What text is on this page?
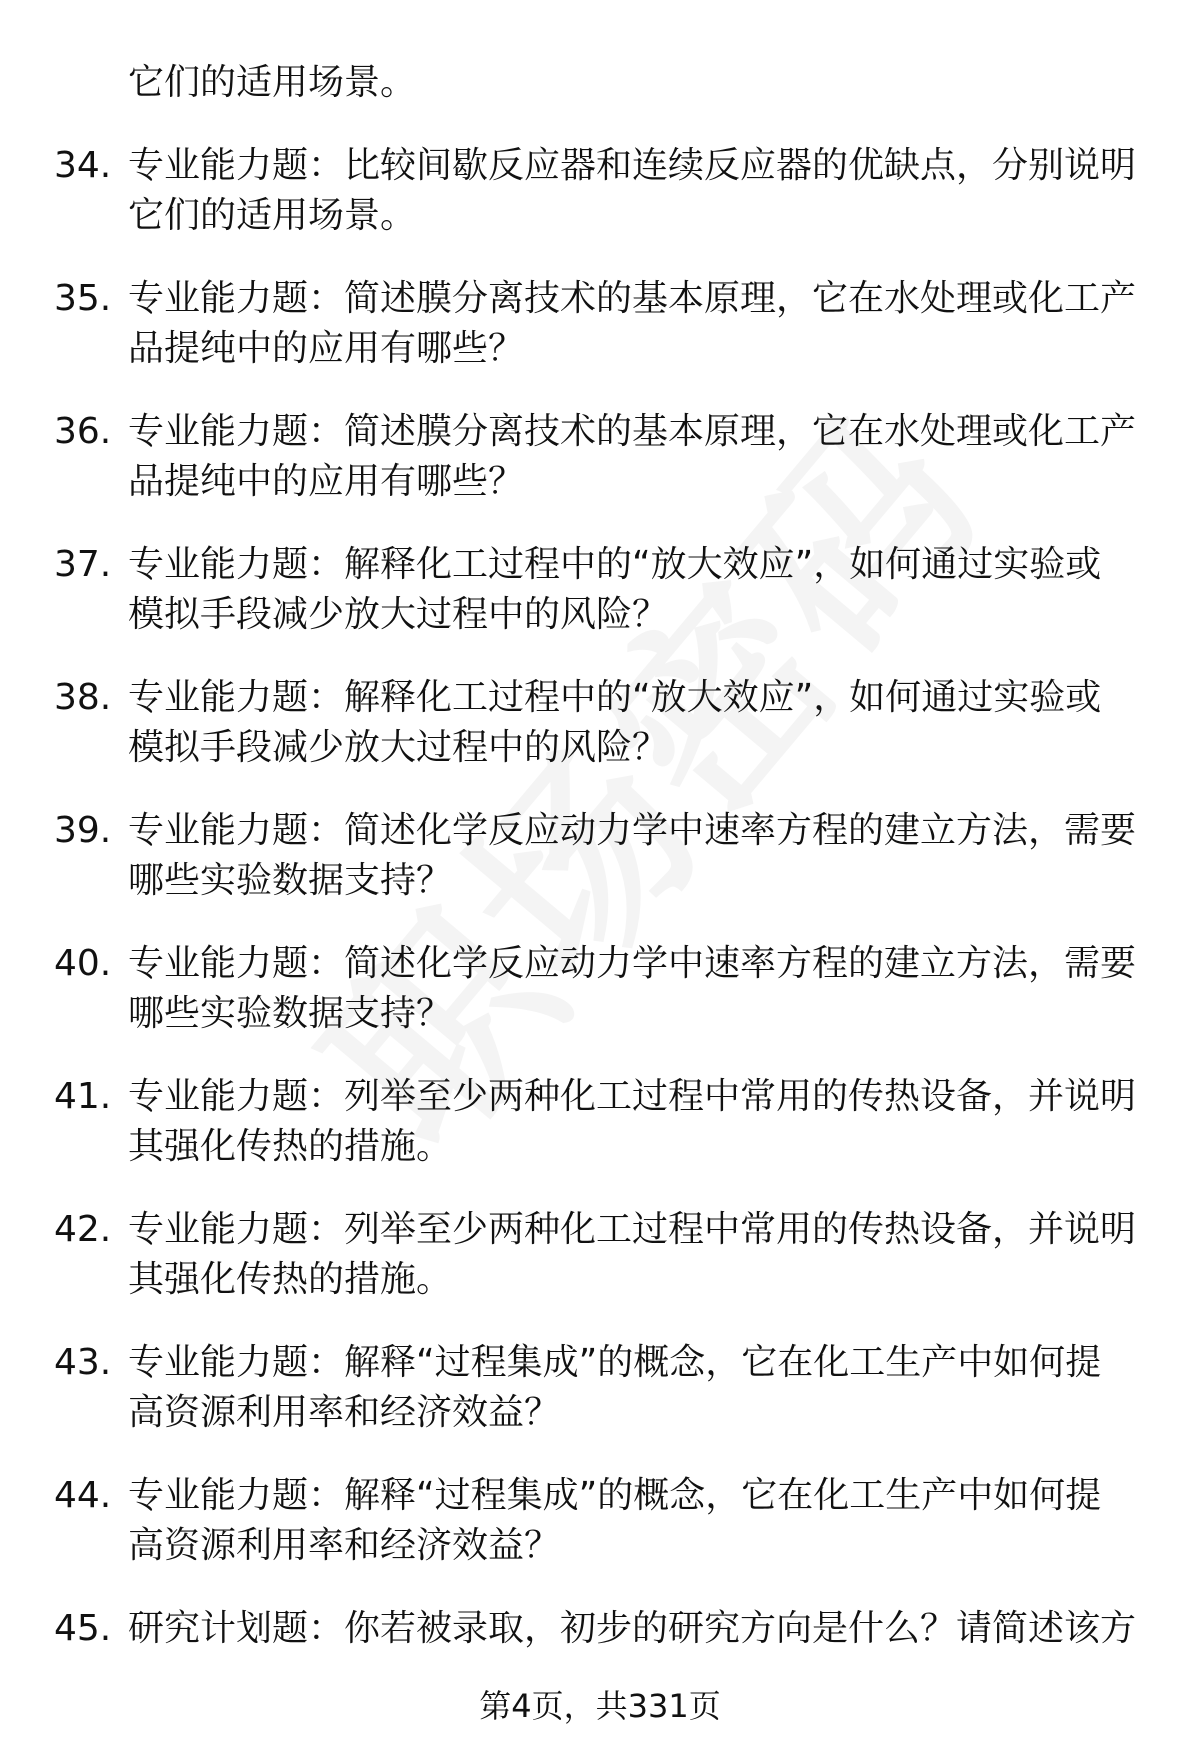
它们的适用场景。
34. 专业能力题：比较间歇反应器和连续反应器的优缺点，分别说明
它们的适用场景。
35. 专业能力题：简述膜分离技术的基本原理，它在水处理或化工产
品提纯中的应用有哪些？
36. 专业能力题：简述膜分离技术的基本原理，它在水处理或化工产
品提纯中的应用有哪些？
37. 专业能力题：解释化工过程中的“放大效应”，如何通过实验或
模拟手段减少放大过程中的风险？
38. 专业能力题：解释化工过程中的“放大效应”，如何通过实验或
模拟手段减少放大过程中的风险？
39. 专业能力题：简述化学反应动力学中速率方程的建立方法，需要
哪些实验数据支持？
40. 专业能力题：简述化学反应动力学中速率方程的建立方法，需要
哪些实验数据支持？
41. 专业能力题：列举至少两种化工过程中常用的传热设备，并说明
其强化传热的措施。
42. 专业能力题：列举至少两种化工过程中常用的传热设备，并说明
其强化传热的措施。
43. 专业能力题：解释“过程集成”的概念，它在化工生产中如何提
高资源利用率和经济效益？
44. 专业能力题：解释“过程集成”的概念，它在化工生产中如何提
高资源利用率和经济效益？
45. 研究计划题：你若被录取，初步的研究方向是什么？请简述该方
第4页，共331页
